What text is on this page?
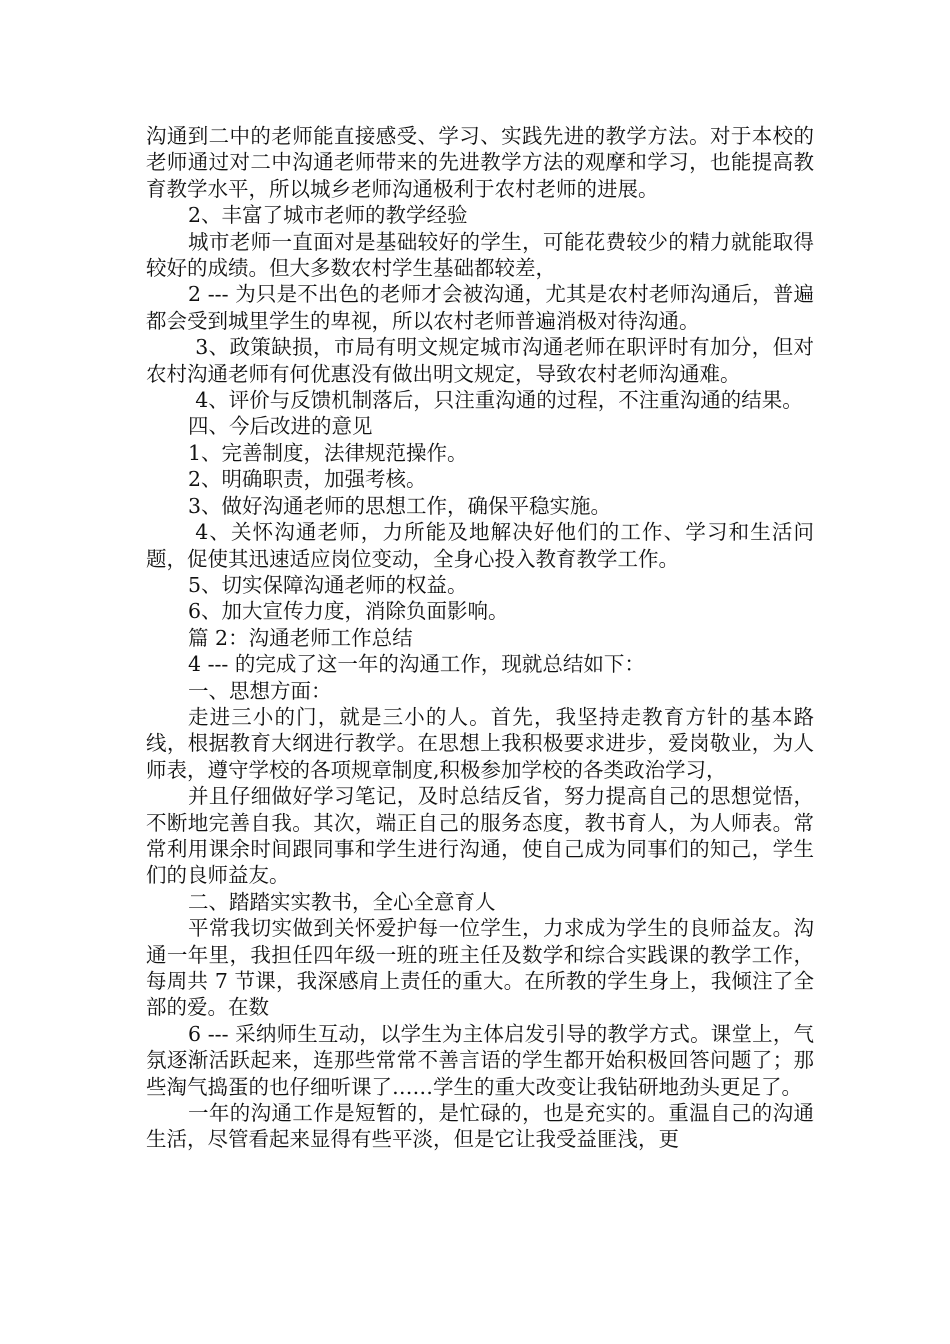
沟通到二中的老师能直接感受、学习、实践先进的教学方法。对于本校的老师通过对二中沟通老师带来的先进教学方法的观摩和学习，也能提高教育教学水平，所以城乡老师沟通极利于农村老师的进展。

2、丰富了城市老师的教学经验

城市老师一直面对是基础较好的学生，可能花费较少的精力就能取得较好的成绩。但大多数农村学生基础都较差，

2 --- 为只是不出色的老师才会被沟通，尤其是农村老师沟通后，普遍都会受到城里学生的卑视，所以农村老师普遍消极对待沟通。

3、政策缺损，市局有明文规定城市沟通老师在职评时有加分，但对农村沟通老师有何优惠没有做出明文规定，导致农村老师沟通难。

4、评价与反馈机制落后，只注重沟通的过程，不注重沟通的结果。

四、今后改进的意见

1、完善制度，法律规范操作。

2、明确职责，加强考核。

3、做好沟通老师的思想工作，确保平稳实施。

4、关怀沟通老师，力所能及地解决好他们的工作、学习和生活问题，促使其迅速适应岗位变动，全身心投入教育教学工作。

5、切实保障沟通老师的权益。

6、加大宣传力度，消除负面影响。

篇 2：沟通老师工作总结

4 --- 的完成了这一年的沟通工作，现就总结如下：

一、思想方面：

走进三小的门，就是三小的人。首先，我坚持走教育方针的基本路线，根据教育大纲进行教学。在思想上我积极要求进步，爱岗敬业，为人师表，遵守学校的各项规章制度,积极参加学校的各类政治学习，

并且仔细做好学习笔记，及时总结反省，努力提高自己的思想觉悟，不断地完善自我。其次，端正自己的服务态度，教书育人，为人师表。常常利用课余时间跟同事和学生进行沟通，使自己成为同事们的知己，学生们的良师益友。

二、踏踏实实教书，全心全意育人

平常我切实做到关怀爱护每一位学生，力求成为学生的良师益友。沟通一年里，我担任四年级一班的班主任及数学和综合实践课的教学工作，每周共 7 节课，我深感肩上责任的重大。在所教的学生身上，我倾注了全部的爱。在数

6 --- 采纳师生互动，以学生为主体启发引导的教学方式。课堂上，气氛逐渐活跃起来，连那些常常不善言语的学生都开始积极回答问题了；那些淘气捣蛋的也仔细听课了……学生的重大改变让我钻研地劲头更足了。

一年的沟通工作是短暂的，是忙碌的，也是充实的。重温自己的沟通生活，尽管看起来显得有些平淡，但是它让我受益匪浅，更
